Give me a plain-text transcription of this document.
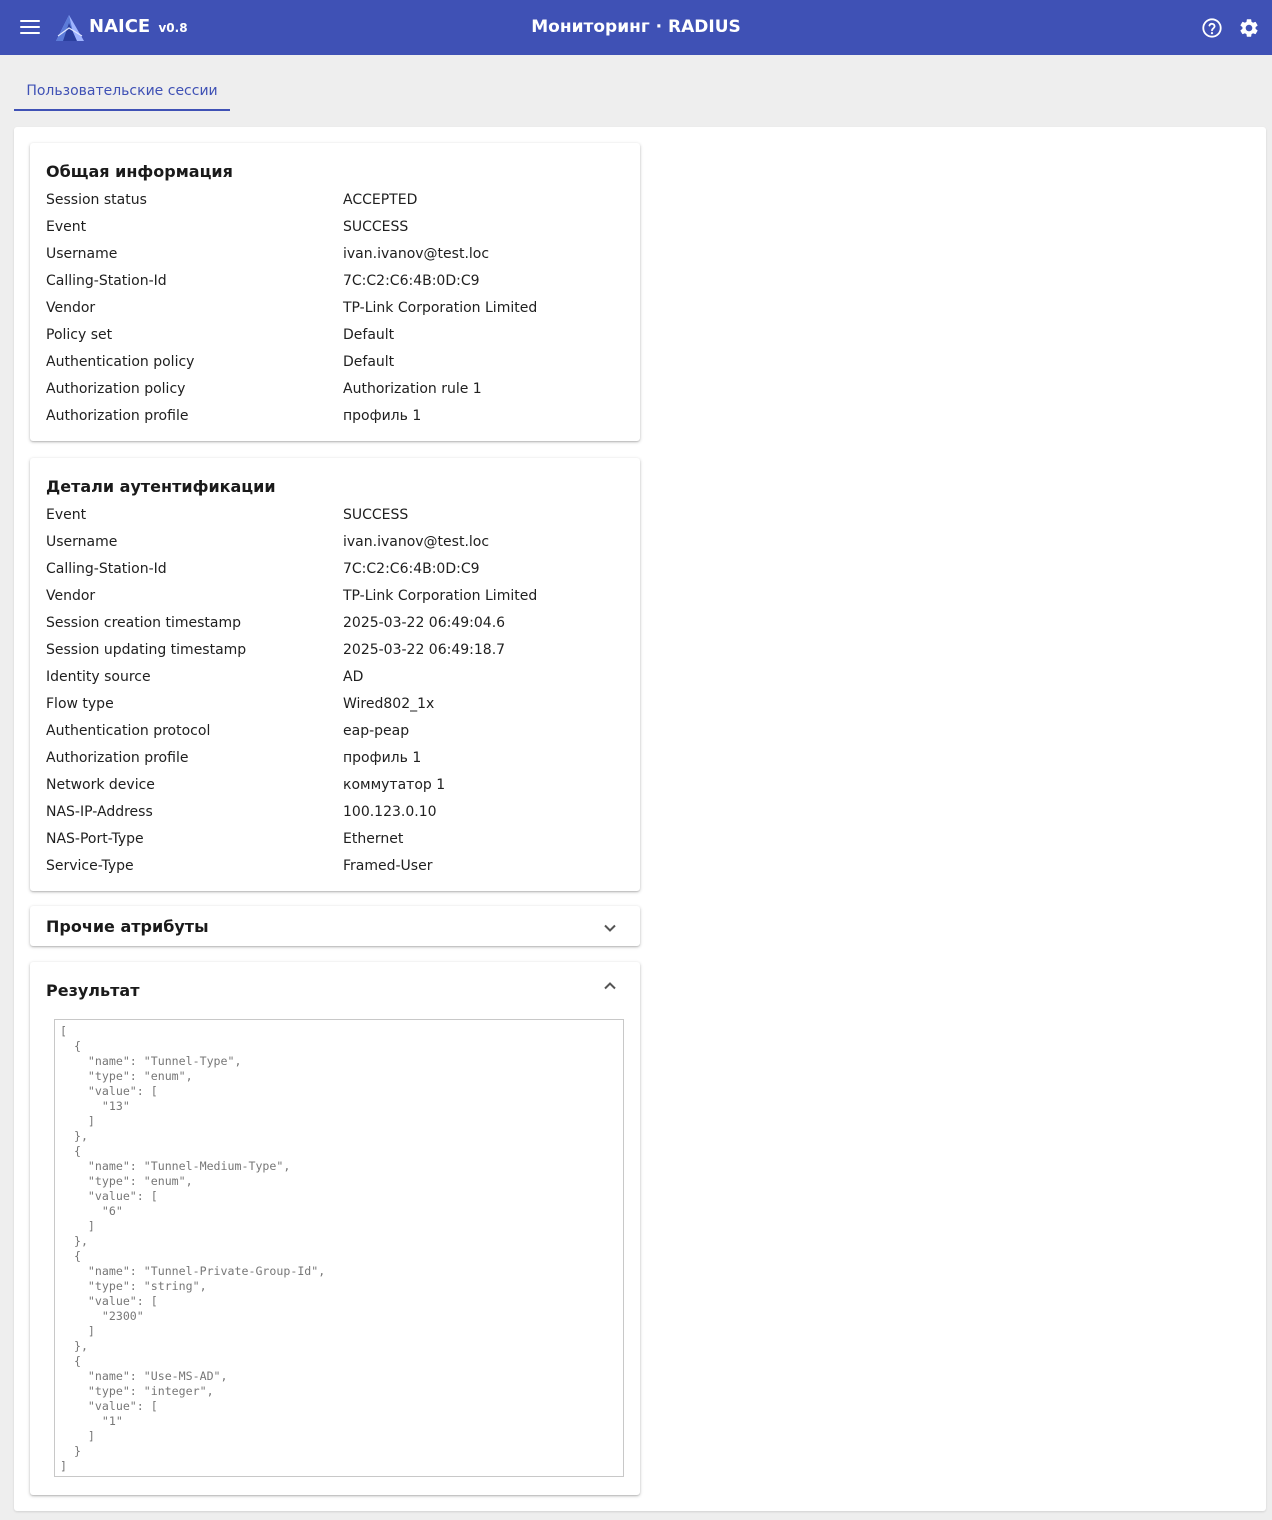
NAICE v0.8	Мониторинг · RADIUS
Пользовательские сессии
Общая информация
Session status	ACCEPTED
Event	SUCCESS
Username	ivan.ivanov@test.loc
Calling-Station-Id	7C:C2:C6:4B:0D:C9
Vendor	TP-Link Corporation Limited
Policy set	Default
Authentication policy	Default
Authorization policy	Authorization rule 1
Authorization profile	профиль 1
Детали аутентификации
Event	SUCCESS
Username	ivan.ivanov@test.loc
Calling-Station-Id	7C:C2:C6:4B:0D:C9
Vendor	TP-Link Corporation Limited
Session creation timestamp	2025-03-22 06:49:04.6
Session updating timestamp	2025-03-22 06:49:18.7
Identity source	AD
Flow type	Wired802_1x
Authentication protocol	eap-peap
Authorization profile	профиль 1
Network device	коммутатор 1
NAS-IP-Address	100.123.0.10
NAS-Port-Type	Ethernet
Service-Type	Framed-User
Прочие атрибуты
Результат
[
{
"name": "Tunnel-Type",
"type": "enum",
"value": [
"13"
]
},
{
"name": "Tunnel-Medium-Type",
"type": "enum",
"value": [
"6"
]
},
{
"name": "Tunnel-Private-Group-Id",
"type": "string",
"value": [
"2300"
]
},
{
"name": "Use-MS-AD",
"type": "integer",
"value": [
"1"
]
}
]
